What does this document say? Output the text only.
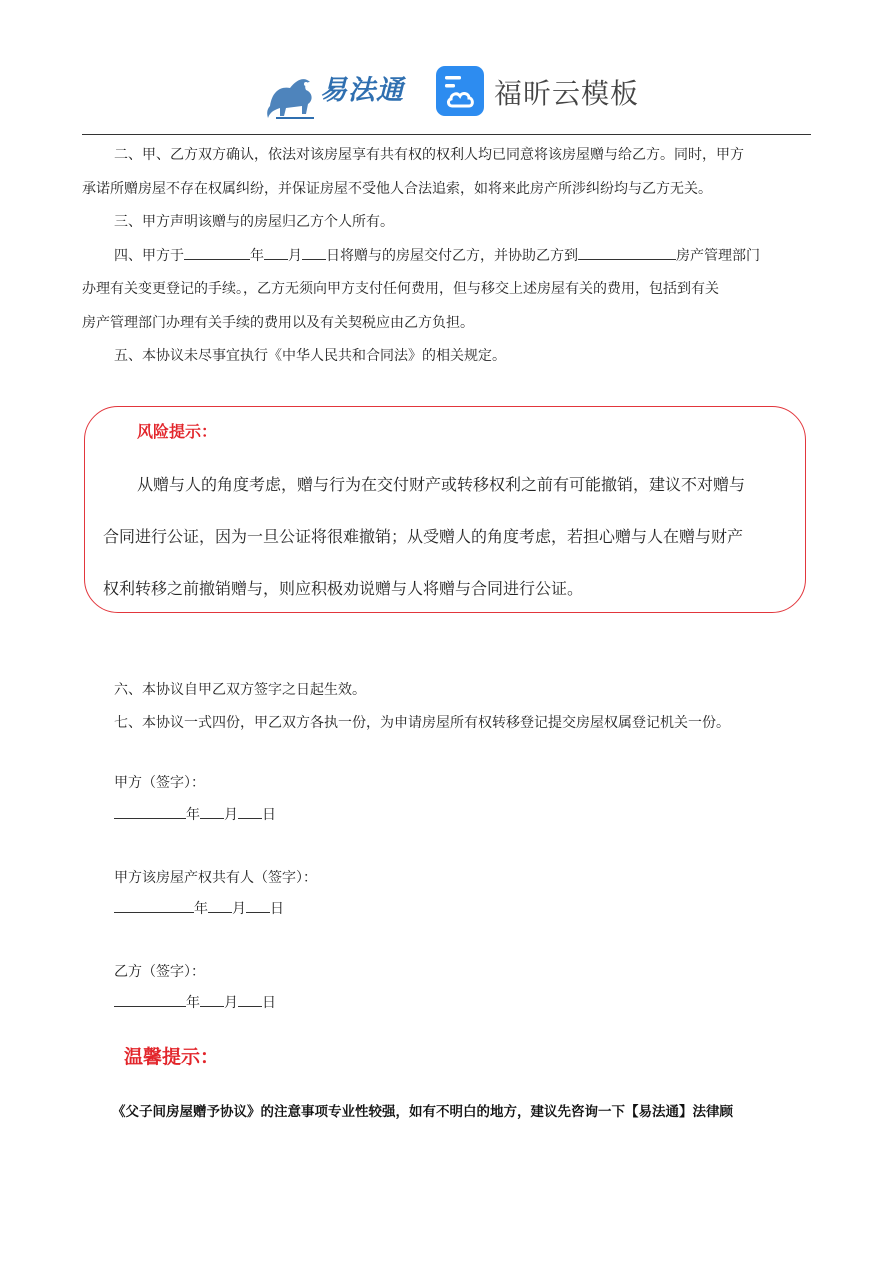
易法通	福昕云模板
二、甲、乙方双方确认，依法对该房屋享有共有权的权利人均已同意将该房屋赠与给乙方。同时，甲方
承诺所赠房屋不存在权属纠纷，并保证房屋不受他人合法追索，如将来此房产所涉纠纷均与乙方无关。
三、甲方声明该赠与的房屋归乙方个人所有。
四、甲方于	年 月 日将赠与的房屋交付乙方，并协助乙方到	房产管理部门
办理有关变更登记的手续。，乙方无须向甲方支付任何费用，但与移交上述房屋有关的费用，包括到有关
房产管理部门办理有关手续的费用以及有关契税应由乙方负担。
五、本协议未尽事宜执行《中华人民共和合同法》的相关规定。
风险提示：
从赠与人的角度考虑，赠与行为在交付财产或转移权利之前有可能撤销，建议不对赠与
合同进行公证，因为一旦公证将很难撤销；从受赠人的角度考虑，若担心赠与人在赠与财产
权利转移之前撤销赠与，则应积极劝说赠与人将赠与合同进行公证。
六、本协议自甲乙双方签字之日起生效。
七、本协议一式四份，甲乙双方各执一份，为申请房屋所有权转移登记提交房屋权属登记机关一份。
甲方（签字）：
年 月 日
甲方该房屋产权共有人（签字）：
年 月 日
乙方（签字）：
年 月 日
温馨提示：
《父子间房屋赠予协议》的注意事项专业性较强，如有不明白的地方，建议先咨询一下【易法通】法律顾
